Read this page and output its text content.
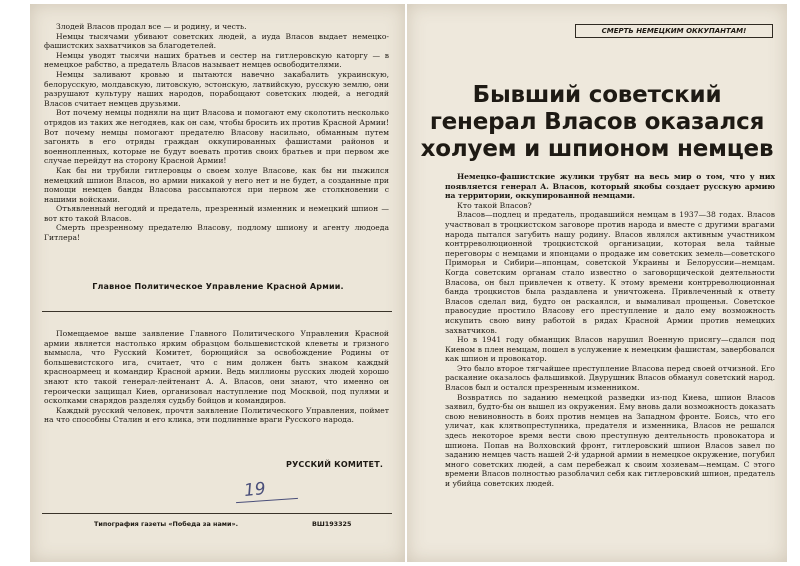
Злодей Власов продал все — и родину, и честь.

Немцы тысячами убивают советских людей, а иуда Власов выдает немецко-фашистских захватчиков за благодетелей.

Немцы уводят тысячи наших братьев и сестер на гитлеровскую каторгу — в немецкое рабство, а предатель Власов называет немцев освободителями.

Немцы заливают кровью и пытаются навечно закабалить украинскую, белорусскую, молдавскую, литовскую, эстонскую, латвийскую, русскую землю, они разрушают культуру наших народов, порабощают советских людей, а негодяй Власов считает немцев друзьями.

Вот почему немцы подняли на щит Власова и помогают ему сколотить несколько отрядов из таких же негодяев, как он сам, чтобы бросить их против Красной Армии! Вот почему немцы помогают предателю Власову насильно, обманным путем загонять в его отряды граждан оккупированных фашистами районов и военнопленных, которые не будут воевать против своих братьев и при первом же случае перейдут на сторону Красной Армии!

Как бы ни трубили гитлеровцы о своем холуе Власове, как бы ни пыжился немецкий шпион Власов, но армии никакой у него нет и не будет, а созданные при помощи немцев банды Власова рассыпаются при первом же столкновении с нашими войсками.

Отъявленный негодяй и предатель, презренный изменник и немецкий шпион — вот кто такой Власов.

Смерть презренному предателю Власову, подлому шпиону и агенту людоеда Гитлера!

Главное Политическое Управление Красной Армии.

Помещаемое выше заявление Главного Политического Управления Красной армии является настолько ярким образцом большевистской клеветы и грязного вымысла, что Русский Комитет, борющийся за освобождение Родины от большевистского ига, считает, что с ним должен быть знаком каждый красноармеец и командир Красной армии. Ведь миллионы русских людей хорошо знают кто такой генерал-лейтенант А. А. Власов, они знают, что именно он героически защищал Киев, организовал наступление под Москвой, под пулями и осколками снарядов разделяя судьбу бойцов и командиров.

Каждый русский человек, прочтя заявление Политического Управления, поймет на что способны Сталин и его клика, эти подлинные враги Русского народа.

РУССКИЙ КОМИТЕТ.
19
Типография газеты «Победа за нами».	ВШ193325
СМЕРТЬ НЕМЕЦКИМ ОККУПАНТАМ!
Бывший советский генерал Власов оказался холуем и шпионом немцев

Немецко-фашистские жулики трубят на весь мир о том, что у них появляется генерал А. Власов, который якобы создает русскую армию на территории, оккупированной немцами.

Кто такой Власов?

Власов—подлец и предатель, продавшийся немцам в 1937—38 годах. Власов участвовал в троцкистском заговоре против народа и вместе с другими врагами народа пытался загубить нашу родину. Власов являлся активным участником контрреволюционной троцкистской организации, которая вела тайные переговоры с немцами и японцами о продаже им советских земель—советского Приморья и Сибири—японцам, советской Украины и Белоруссии—немцам. Когда советским органам стало известно о заговорщической деятельности Власова, он был привлечен к ответу. К этому времени контрреволюционная банда троцкистов была раздавлена и уничтожена. Привлеченный к ответу Власов сделал вид, будто он раскаялся, и вымаливал прощенья. Советское правосудие простило Власову его преступление и дало ему возможность искупить свою вину работой в рядах Красной Армии против немецких захватчиков.

Но в 1941 году обманщик Власов нарушил Военную присягу—сдался под Киевом в плен немцам, пошел в услужение к немецким фашистам, завербовался как шпион и провокатор.

Это было второе тягчайшее преступление Власова перед своей отчизной. Его раскаяние оказалось фальшивкой. Двурушник Власов обманул советский народ. Власов был и остался презренным изменником.

Возвратясь по заданию немецкой разведки из-под Киева, шпион Власов заявил, будто-бы он вышел из окружения. Ему вновь дали возможность доказать свою невиновность в боях против немцев на Западном фронте. Боясь, что его уличат, как клятвопреступника, предателя и изменника, Власов не решался здесь некоторое время вести свою преступную деятельность провокатора и шпиона. Попав на Волховский фронт, гитлеровский шпион Власов завел по заданию немцев часть нашей 2-й ударной армии в немецкое окружение, погубил много советских людей, а сам перебежал к своим хозяевам—немцам. С этого времени Власов полностью разоблачил себя как гитлеровский шпион, предатель и убийца советских людей.
